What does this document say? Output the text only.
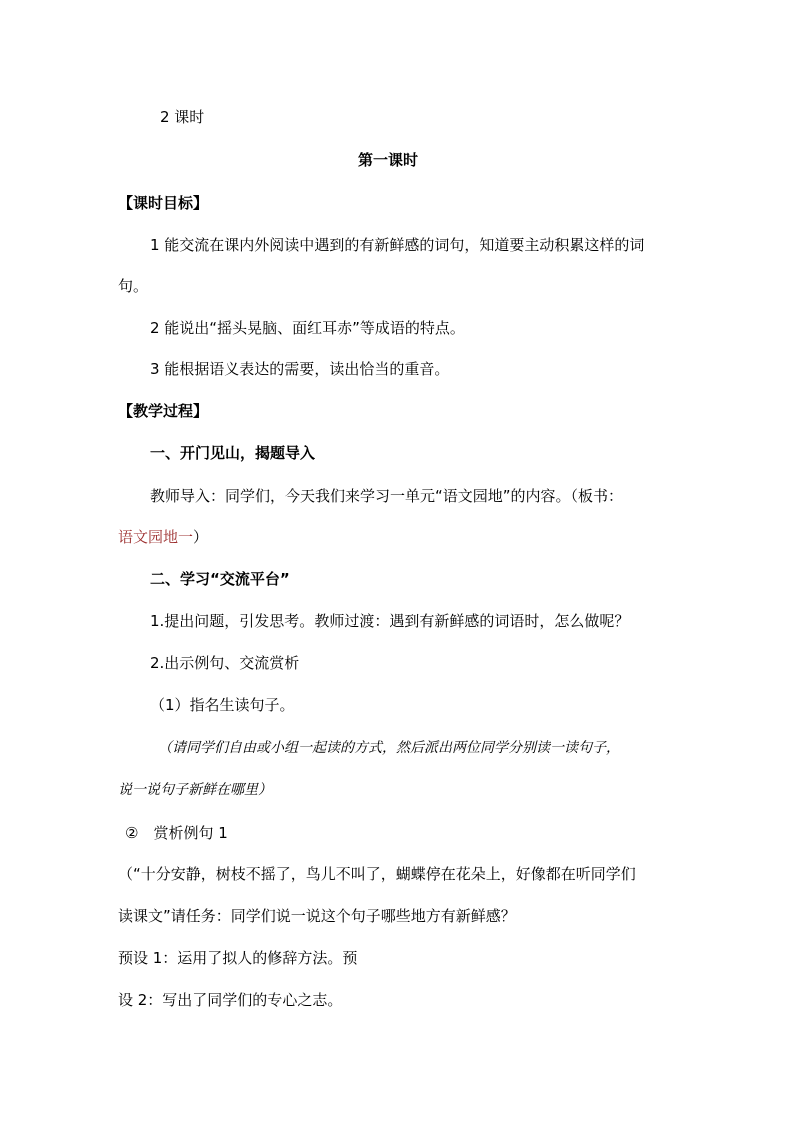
2 课时
第一课时
【课时目标】
1 能交流在课内外阅读中遇到的有新鲜感的词句，知道要主动积累这样的词
句。
2 能说出“摇头晃脑、面红耳赤”等成语的特点。
3 能根据语义表达的需要，读出恰当的重音。
【教学过程】
一、开门见山，揭题导入
教师导入：同学们，今天我们来学习一单元“语文园地”的内容。（板书：
语文园地一）
二、学习“交流平台”
1.提出问题，引发思考。教师过渡：遇到有新鲜感的词语时，怎么做呢？
2.出示例句、交流赏析
（1）指名生读句子。
（请同学们自由或小组一起读的方式，然后派出两位同学分别读一读句子，
说一说句子新鲜在哪里）
②　赏析例句 1
（“十分安静，树枝不摇了，鸟儿不叫了，蝴蝶停在花朵上，好像都在听同学们
读课文”请任务：同学们说一说这个句子哪些地方有新鲜感？
预设 1：运用了拟人的修辞方法。预
设 2：写出了同学们的专心之志。
